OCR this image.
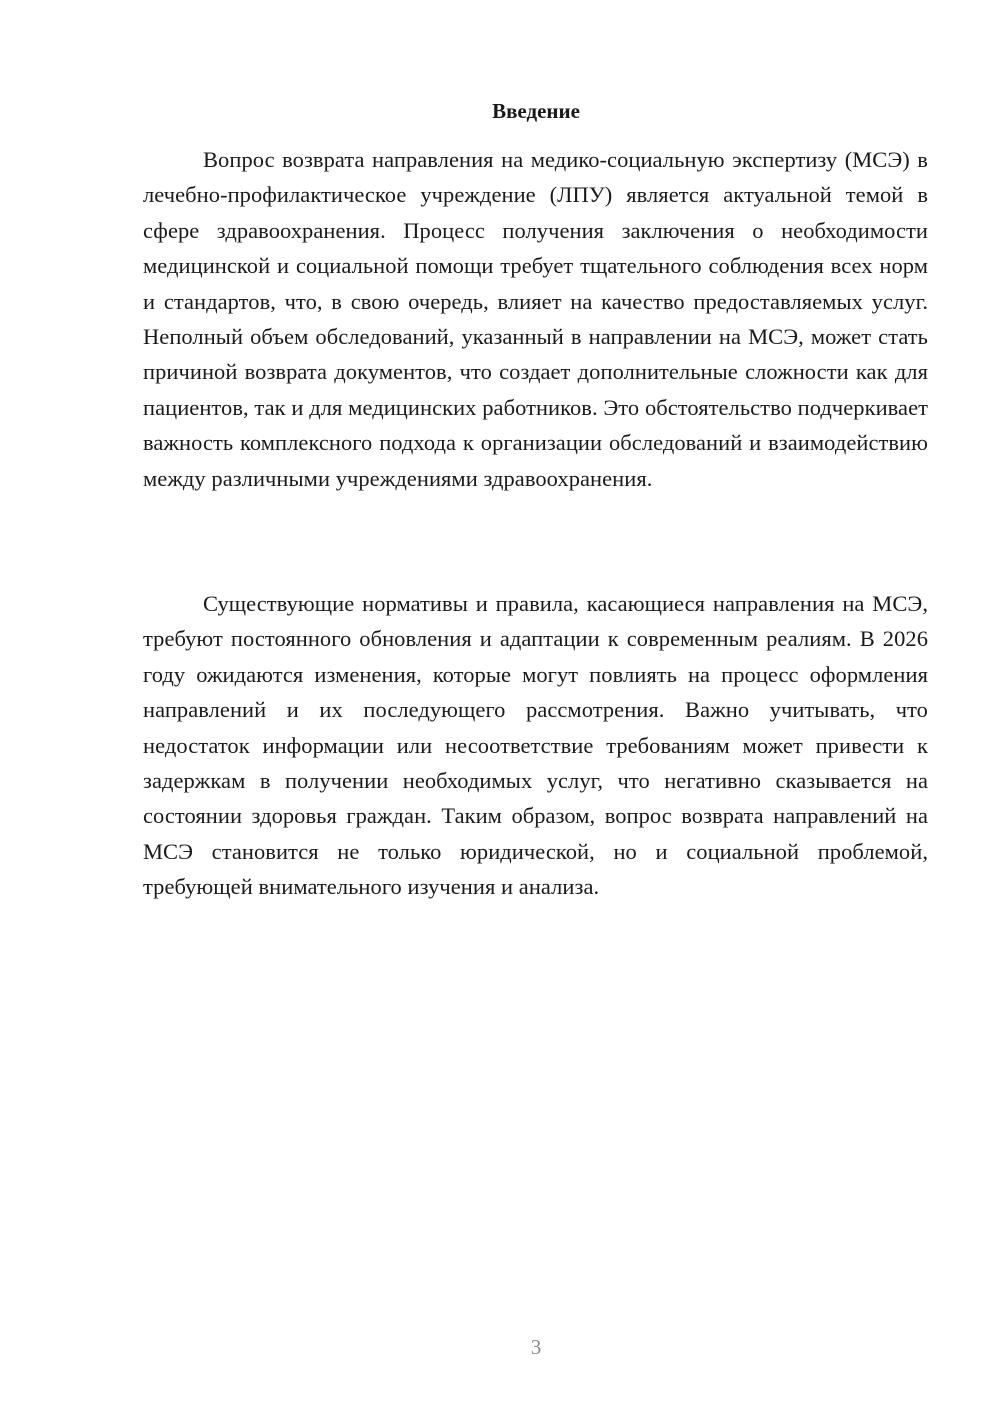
Введение

Вопрос возврата направления на медико-социальную экспертизу (МСЭ) в лечебно-профилактическое учреждение (ЛПУ) является актуальной темой в сфере здравоохранения. Процесс получения заключения о необходимости медицинской и социальной помощи требует тщательного соблюдения всех норм и стандартов, что, в свою очередь, влияет на качество предоставляемых услуг. Неполный объем обследований, указанный в направлении на МСЭ, может стать причиной возврата документов, что создает дополнительные сложности как для пациентов, так и для медицинских работников. Это обстоятельство подчеркивает важность комплексного подхода к организации обследований и взаимодействию между различными учреждениями здравоохранения.

Существующие нормативы и правила, касающиеся направления на МСЭ, требуют постоянного обновления и адаптации к современным реалиям. В 2026 году ожидаются изменения, которые могут повлиять на процесс оформления направлений и их последующего рассмотрения. Важно учитывать, что недостаток информации или несоответствие требованиям может привести к задержкам в получении необходимых услуг, что негативно сказывается на состоянии здоровья граждан. Таким образом, вопрос возврата направлений на МСЭ становится не только юридической, но и социальной проблемой, требующей внимательного изучения и анализа.

3
